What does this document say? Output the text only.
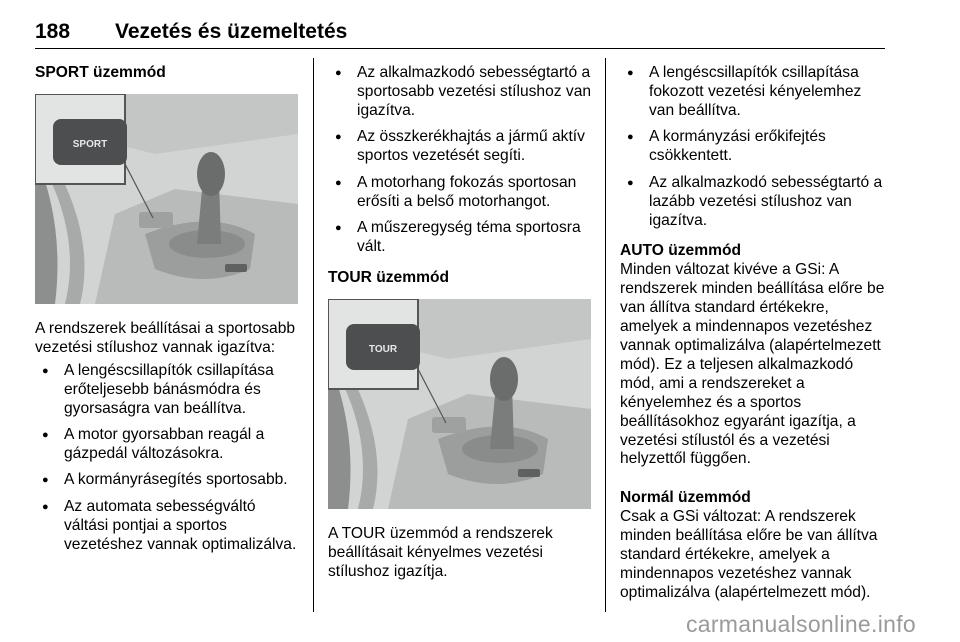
188 Vezetés és üzemeltetés
SPORT üzemmód
SPORT

A rendszerek beállításai a sportosabb vezetési stílushoz vannak igazítva:

● A lengéscsillapítók csillapítása erőteljesebb bánásmódra és gyorsaságra van beállítva.
● A motor gyorsabban reagál a gázpedál változásokra.
● A kormányrásegítés sportosabb.
● Az automata sebességváltó váltási pontjai a sportos vezetéshez vannak optimalizálva.
● Az alkalmazkodó sebességtartó a sportosabb vezetési stílushoz van igazítva.
● Az összkerékhajtás a jármű aktív sportos vezetését segíti.
● A motorhang fokozás sportosan erősíti a belső motorhangot.
● A műszeregység téma sportosra vált.
TOUR üzemmód
TOUR

A TOUR üzemmód a rendszerek beállításait kényelmes vezetési stílushoz igazítja.

● A lengéscsillapítók csillapítása fokozott vezetési kényelemhez van beállítva.
● A kormányzási erőkifejtés csökkentett.
● Az alkalmazkodó sebességtartó a lazább vezetési stílushoz van igazítva.
AUTO üzemmód

Minden változat kivéve a GSi: A rendszerek minden beállítása előre be van állítva standard értékekre, amelyek a mindennapos vezetéshez vannak optimalizálva (alapértelmezett mód). Ez a teljesen alkalmazkodó mód, ami a rendszereket a kényelemhez és a sportos beállításokhoz egyaránt igazítja, a vezetési stílustól és a vezetési helyzettől függően.

Normál üzemmód

Csak a GSi változat: A rendszerek minden beállítása előre be van állítva standard értékekre, amelyek a mindennapos vezetéshez vannak optimalizálva (alapértelmezett mód).

carmanualsonline.info
